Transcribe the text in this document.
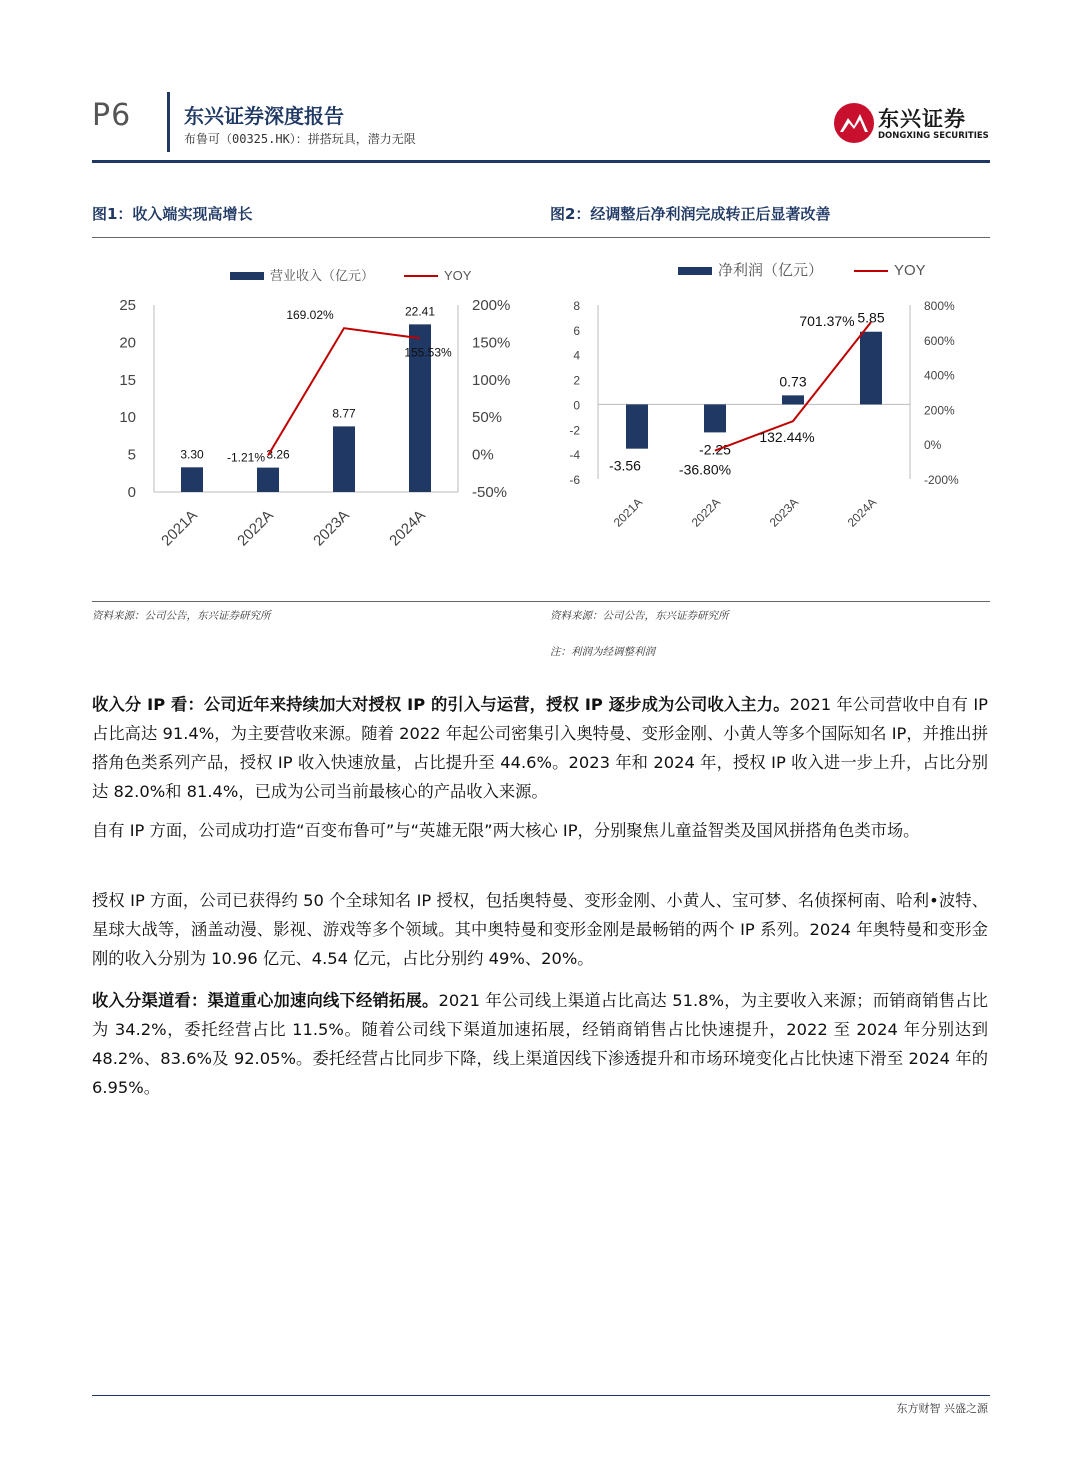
P6	东兴证券深度报告
布鲁可（00325.HK）：拼搭玩具，潜力无限
东兴证券
DONGXING SECURITIES
图1：收入端实现高增长	图2：经调整后净利润完成转正后显著改善
营业收入（亿元）	YOY
0
5
10
15
20
25
-50%
0%
50%
100%
150%
200%
3.30	3.26
8.77
22.41
-1.21%
169.02%
155.53%
2021A 2022A 2023A 2024A
净利润（亿元）	YOY
-6
-4
-2
0
2
4
6
8
-200%
0%
200%
400%
600%
800%
-3.56
-2.25
0.73
5.85
-36.80%
132.44%
701.37%
2021A	2022A	2023A	2024A
资料来源：公司公告，东兴证券研究所	资料来源：公司公告，东兴证券研究所
注：利润为经调整利润

收入分 IP 看：公司近年来持续加大对授权 IP 的引入与运营，授权 IP 逐步成为公司收入主力。2021 年公司营收中自有 IP 占比高达 91.4%，为主要营收来源。随着 2022 年起公司密集引入奥特曼、变形金刚、小黄人等多个国际知名 IP，并推出拼搭角色类系列产品，授权 IP 收入快速放量，占比提升至 44.6%。2023 年和 2024 年，授权 IP 收入进一步上升，占比分别达 82.0%和 81.4%，已成为公司当前最核心的产品收入来源。

自有 IP 方面，公司成功打造“百变布鲁可”与“英雄无限”两大核心 IP，分别聚焦儿童益智类及国风拼搭角色类市场。

授权 IP 方面，公司已获得约 50 个全球知名 IP 授权，包括奥特曼、变形金刚、小黄人、宝可梦、名侦探柯南、哈利•波特、星球大战等，涵盖动漫、影视、游戏等多个领域。其中奥特曼和变形金刚是最畅销的两个 IP 系列。2024 年奥特曼和变形金刚的收入分别为 10.96 亿元、4.54 亿元，占比分别约 49%、20%。

收入分渠道看：渠道重心加速向线下经销拓展。2021 年公司线上渠道占比高达 51.8%，为主要收入来源；而销商销售占比为 34.2%，委托经营占比 11.5%。随着公司线下渠道加速拓展，经销商销售占比快速提升，2022 至 2024 年分别达到 48.2%、83.6%及 92.05%。委托经营占比同步下降，线上渠道因线下渗透提升和市场环境变化占比快速下滑至 2024 年的 6.95%。

东方财智 兴盛之源
